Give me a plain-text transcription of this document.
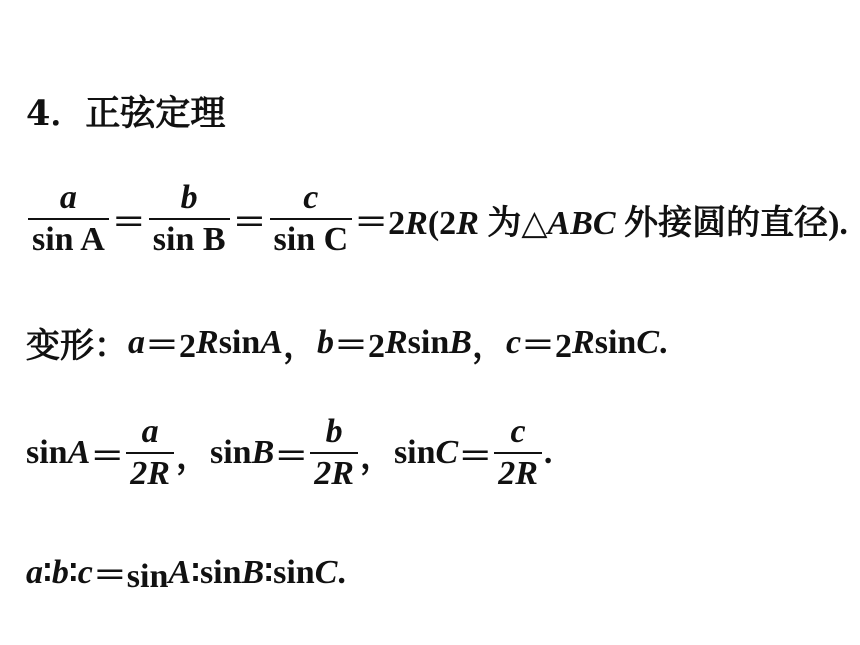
4．正弦定理
$\frac{a}{\text{sin A}} = \frac{b}{\text{sin B}} = \frac{c}{\text{sin C}} =2R(2R$ 为△ABC 外接圆的直径).
变形： a ＝2 R sin A ， b ＝2 R sin B ， c ＝2 R sin C .
$\sin A = \frac{a}{2R}$ ， $\sin B = \frac{b}{2R}$ ， $\sin C = \frac{c}{2R}$ .
a ∶ b ∶ c ＝sin A ∶ sin B ∶ sin C .
